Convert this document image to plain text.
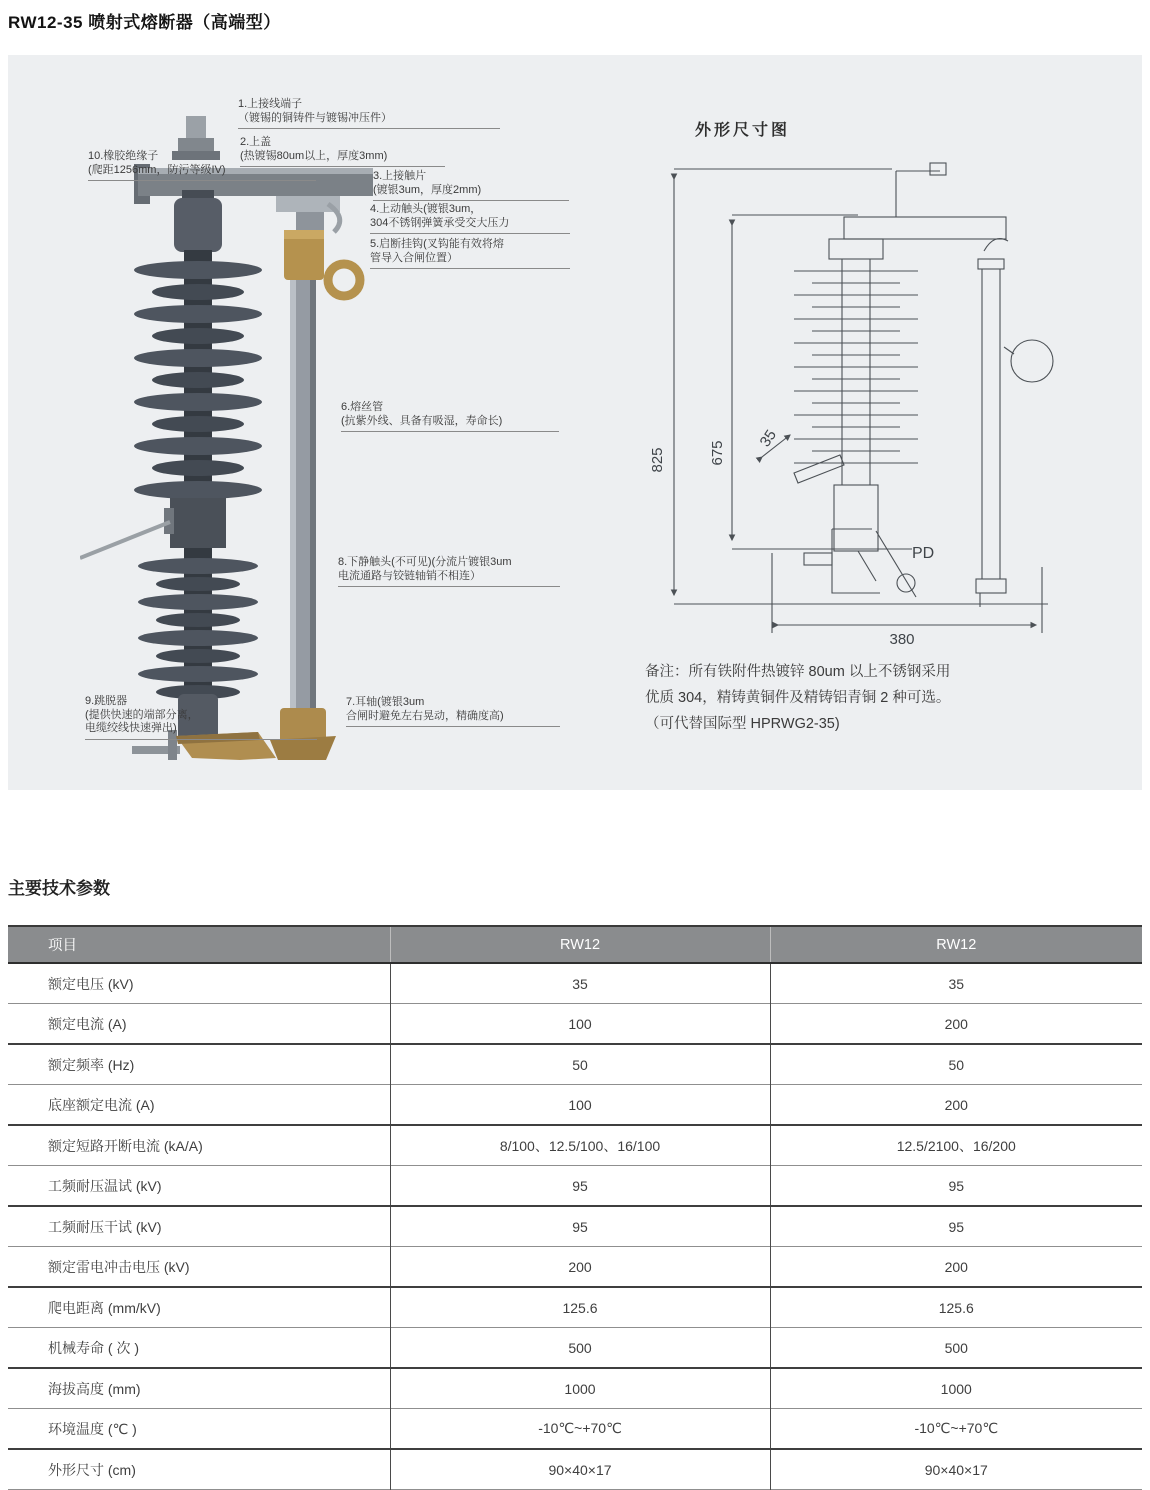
RW12-35 喷射式熔断器（高端型）
1.上接线端子
（镀锡的铜铸件与镀锡冲压件）
2.上盖
(热镀锡80um以上，厚度3mm)
3.上接触片
(镀银3um，厚度2mm)
4.上动触头(镀银3um，
304不锈钢弹簧承受交大压力
5.启断挂钩(叉钩能有效将熔
管导入合闸位置）
6.熔丝管
(抗紫外线、具备有吸湿，寿命长)
8.下静触头(不可见)(分流片镀银3um
电流通路与铰链轴销不相连）
9.跳脱器
(提供快速的端部分离，
电缆绞线快速弹出)
7.耳轴(镀银3um
合闸时避免左右晃动，精确度高)
10.橡胶绝缘子
(爬距1256mm，防污等级IV)
外形尺寸图
825	675
35
PD
380
备注：所有铁附件热镀锌 80um 以上不锈钢采用
优质 304，精铸黄铜件及精铸铝青铜 2 种可选。
（可代替国际型 HPRWG2-35)
主要技术参数
项目	RW12	RW12
额定电压 (kV)	35	35
额定电流 (A)	100	200
额定频率 (Hz)	50	50
底座额定电流 (A)	100	200
额定短路开断电流 (kA/A)	8/100、12.5/100、16/100	12.5/2100、16/200
工频耐压温试 (kV)	95	95
工频耐压干试 (kV)	95	95
额定雷电冲击电压 (kV)	200	200
爬电距离 (mm/kV)	125.6	125.6
机械寿命 ( 次 )	500	500
海拔高度 (mm)	1000	1000
环境温度 (℃ )	-10℃~+70℃	-10℃~+70℃
外形尺寸 (cm)	90×40×17	90×40×17
